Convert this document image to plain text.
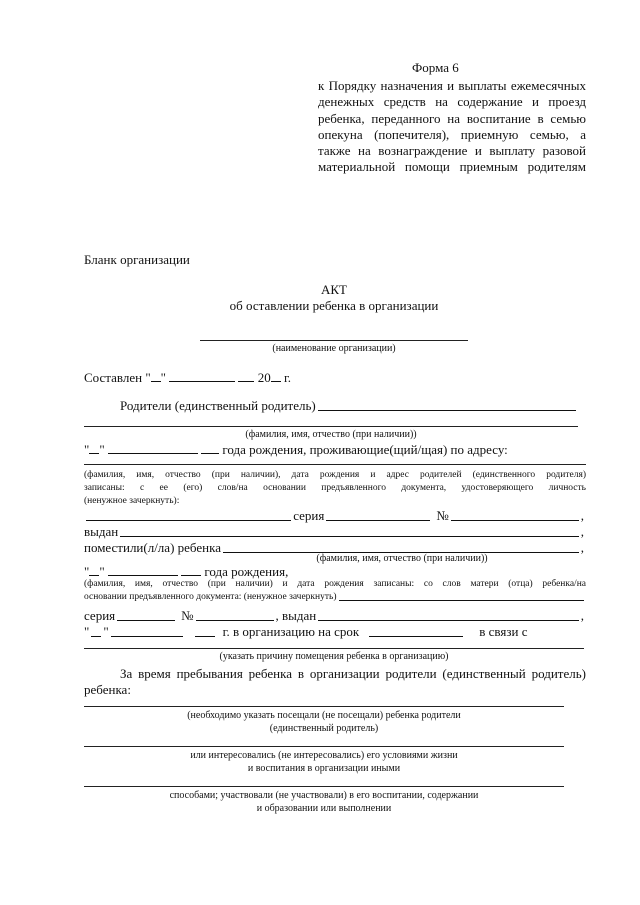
Форма 6
к Порядку назначения и выплаты ежемесячных
денежных средств на содержание и проезд
ребенка, переданного на воспитание в семью
опекуна (попечителя), приемную семью, а
также на вознаграждение и выплату разовой
материальной помощи приемным родителям
Бланк организации
АКТ
об оставлении ребенка в организации
(наименование организации)
Составлен " "	20 г.
Родители (единственный родитель)
(фамилия, имя, отчество (при наличии))
" "	года рождения, проживающие(щий/щая) по адресу:
(фамилия, имя, отчество (при наличии), дата рождения и адрес родителей (единственного родителя)
записаны: с ее (его) слов/на основании предъявленного документа, удостоверяющего личность
(ненужное зачеркнуть):
серия	№	,
выдан	,
поместили(л/ла) ребенка	,
(фамилия, имя, отчество (при наличии))
" "	года рождения,
(фамилия, имя, отчество (при наличии) и дата рождения записаны: со слов матери (отца) ребенка/на
основании предъявленного документа: (ненужное зачеркнуть)
серия	№	, выдан	,
" "	г. в организацию на срок	в связи с
(указать причину помещения ребенка в организацию)
За время пребывания ребенка в организации родители (единственный родитель)
ребенка:
(необходимо указать посещали (не посещали) ребенка родители
(единственный родитель)
или интересовались (не интересовались) его условиями жизни
и воспитания в организации иными
способами; участвовали (не участвовали) в его воспитании, содержании
и образовании или выполнении
